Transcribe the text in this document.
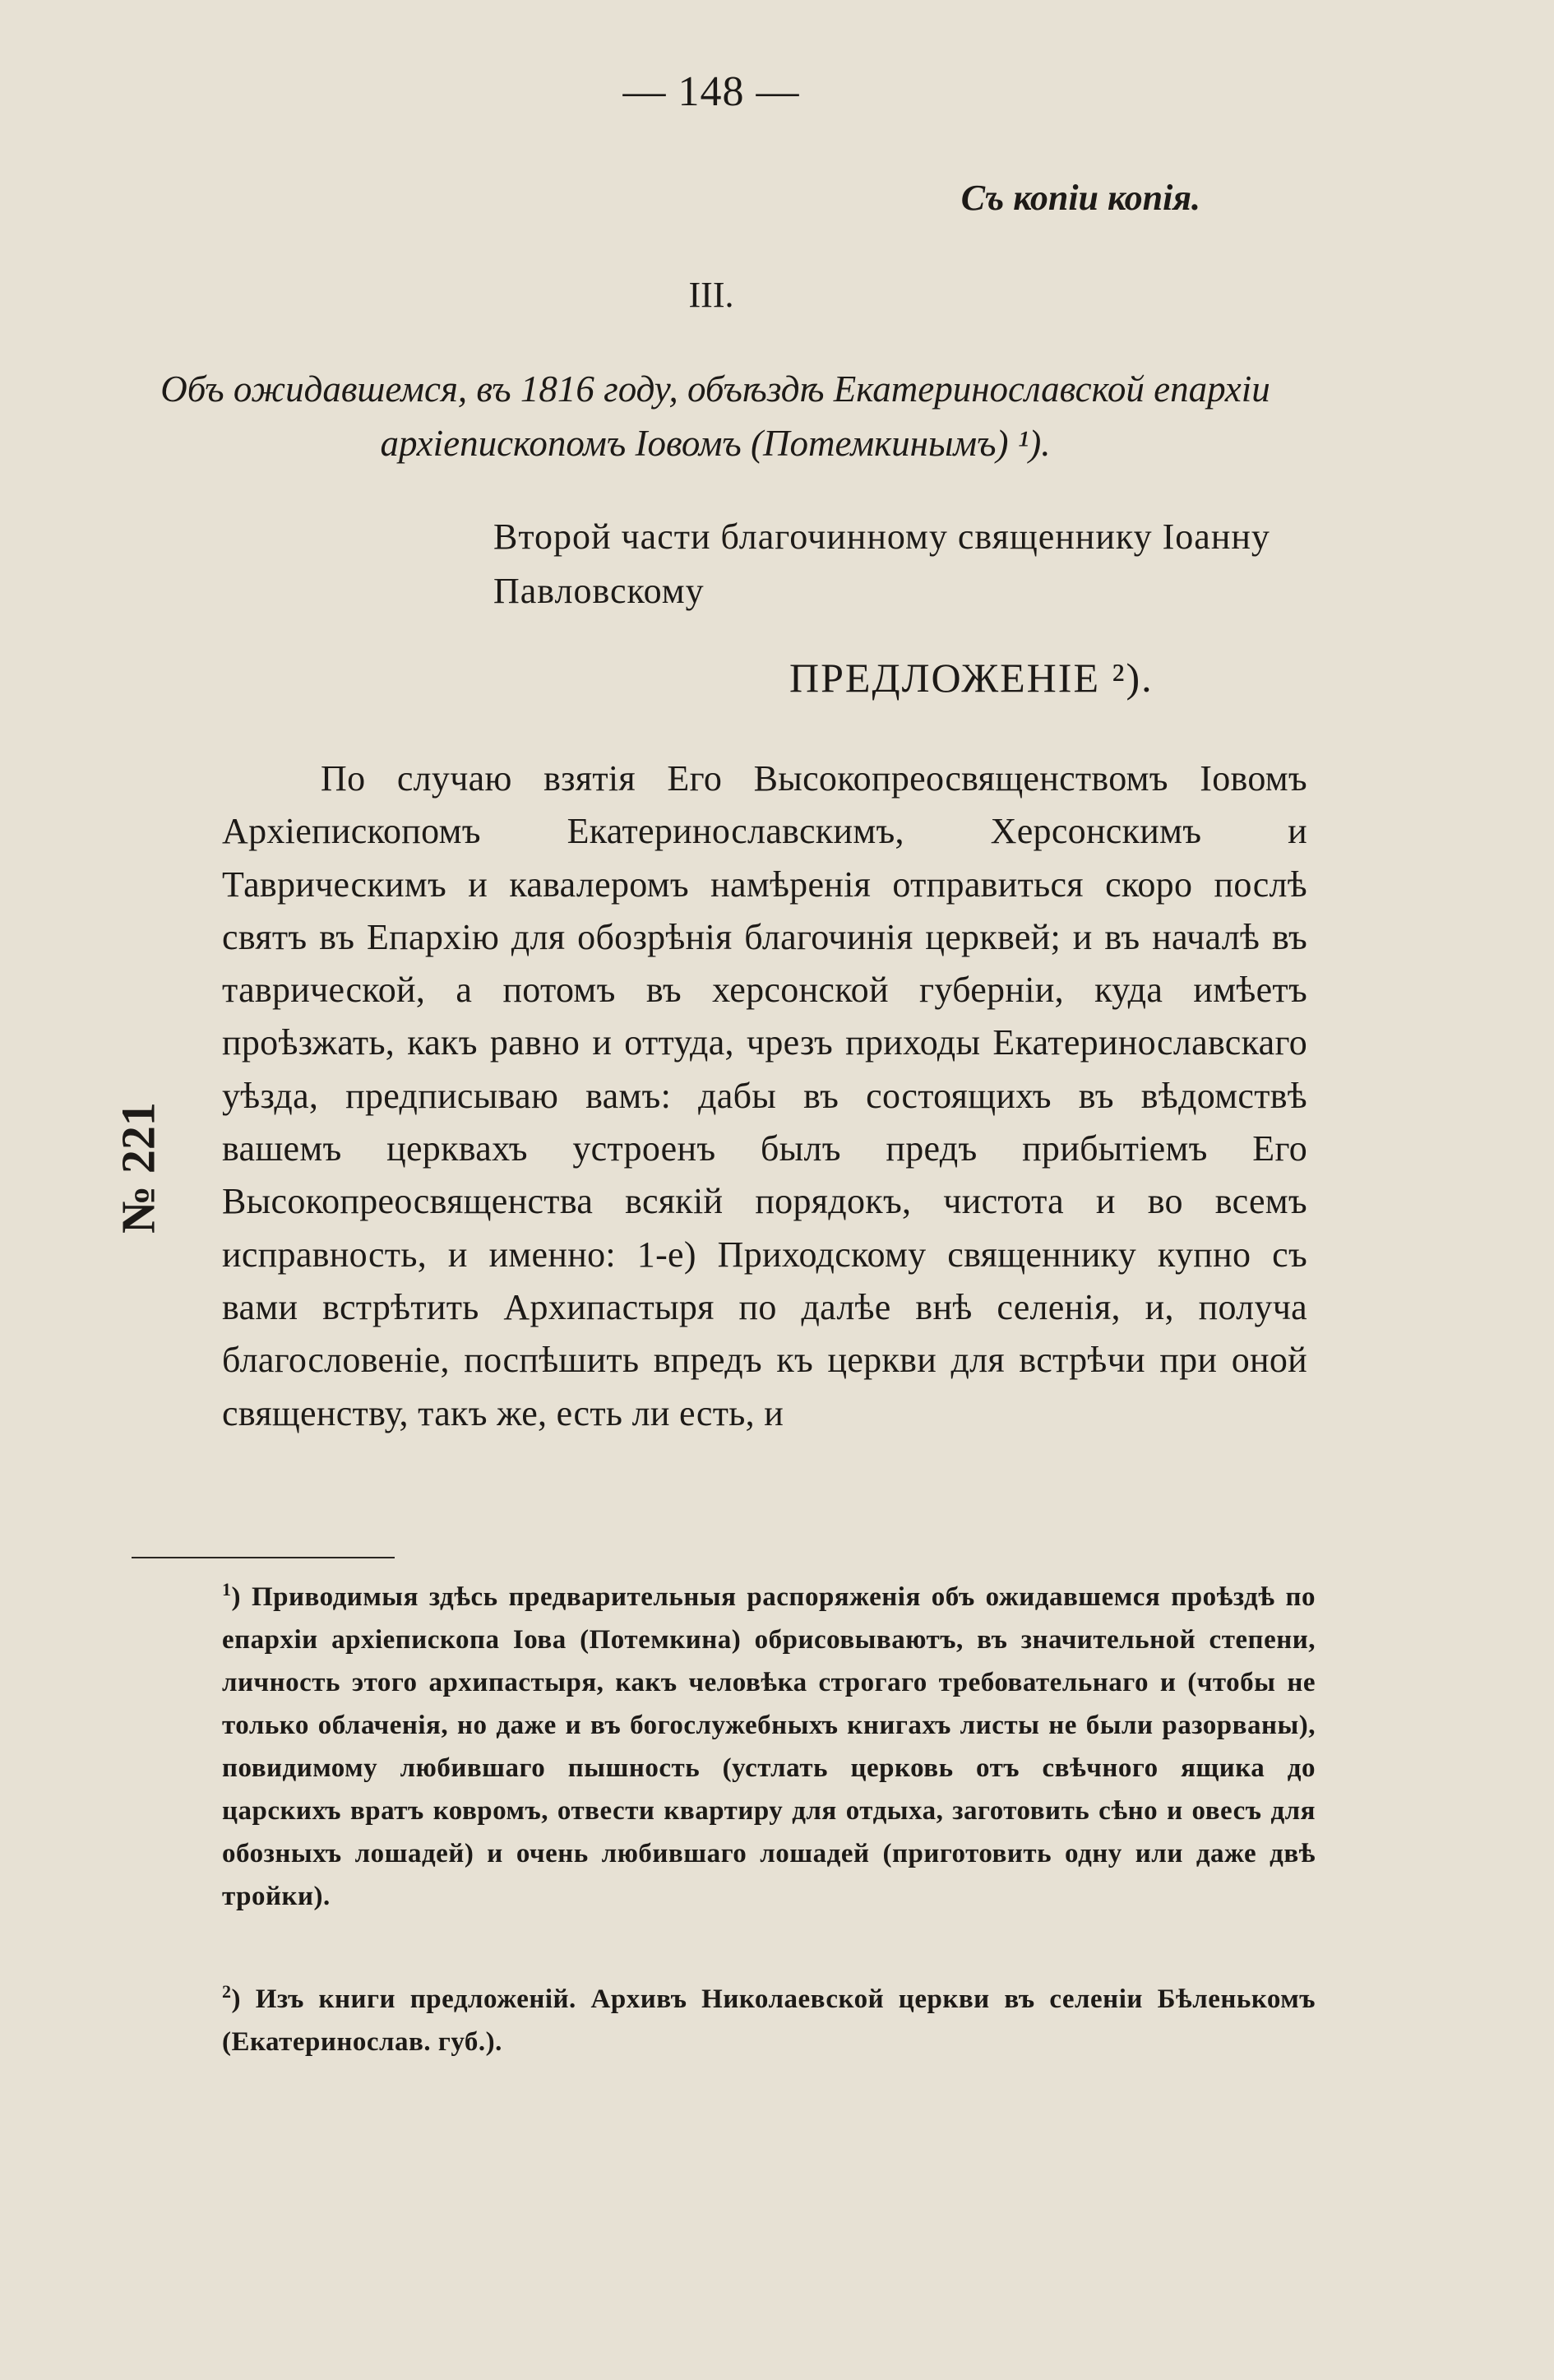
— 148 —
Съ копіи копія.
III.
Объ ожидавшемся, въ 1816 году, объѣздѣ Екатеринославской епархіи архіепископомъ Іовомъ (Потемкинымъ) ¹).
Второй части благочинному священнику Іоанну Павловскому
ПРЕДЛОЖЕНІЕ ²).
№ 221
По случаю взятія Его Высокопреосвященствомъ Іовомъ Архіепископомъ Екатеринославскимъ, Херсонскимъ и Таврическимъ и кавалеромъ намѣренія отправиться скоро послѣ святъ въ Епархію для обозрѣнія благочинія церквей; и въ началѣ въ таврической, а потомъ въ херсонской губерніи, куда имѣетъ проѣзжать, какъ равно и оттуда, чрезъ приходы Екатеринославскаго уѣзда, предписываю вамъ: дабы въ состоящихъ въ вѣдомствѣ вашемъ церквахъ устроенъ былъ предъ прибытіемъ Его Высокопреосвященства всякій порядокъ, чистота и во всемъ исправность, и именно: 1-е) Приходскому священнику купно съ вами встрѣтить Архипастыря по далѣе внѣ селенія, и, получа благословеніе, поспѣшить впредъ къ церкви для встрѣчи при оной священству, такъ же, есть ли есть, и
$^1$) Приводимыя здѣсь предварительныя распоряженія объ ожидавшемся проѣздѣ по епархіи архіепископа Іова (Потемкина) обрисовываютъ, въ значительной степени, личность этого архипастыря, какъ человѣка строгаго требовательнаго и (чтобы не только облаченія, но даже и въ богослужебныхъ книгахъ листы не были разорваны), повидимому любившаго пышность (устлать церковь отъ свѣчного ящика до царскихъ вратъ ковромъ, отвести квартиру для отдыха, заготовить сѣно и овесъ для обозныхъ лошадей) и очень любившаго лошадей (приготовить одну или даже двѣ тройки).
$^2$) Изъ книги предложеній. Архивъ Николаевской церкви въ селеніи Бѣленькомъ (Екатеринослав. губ.).
